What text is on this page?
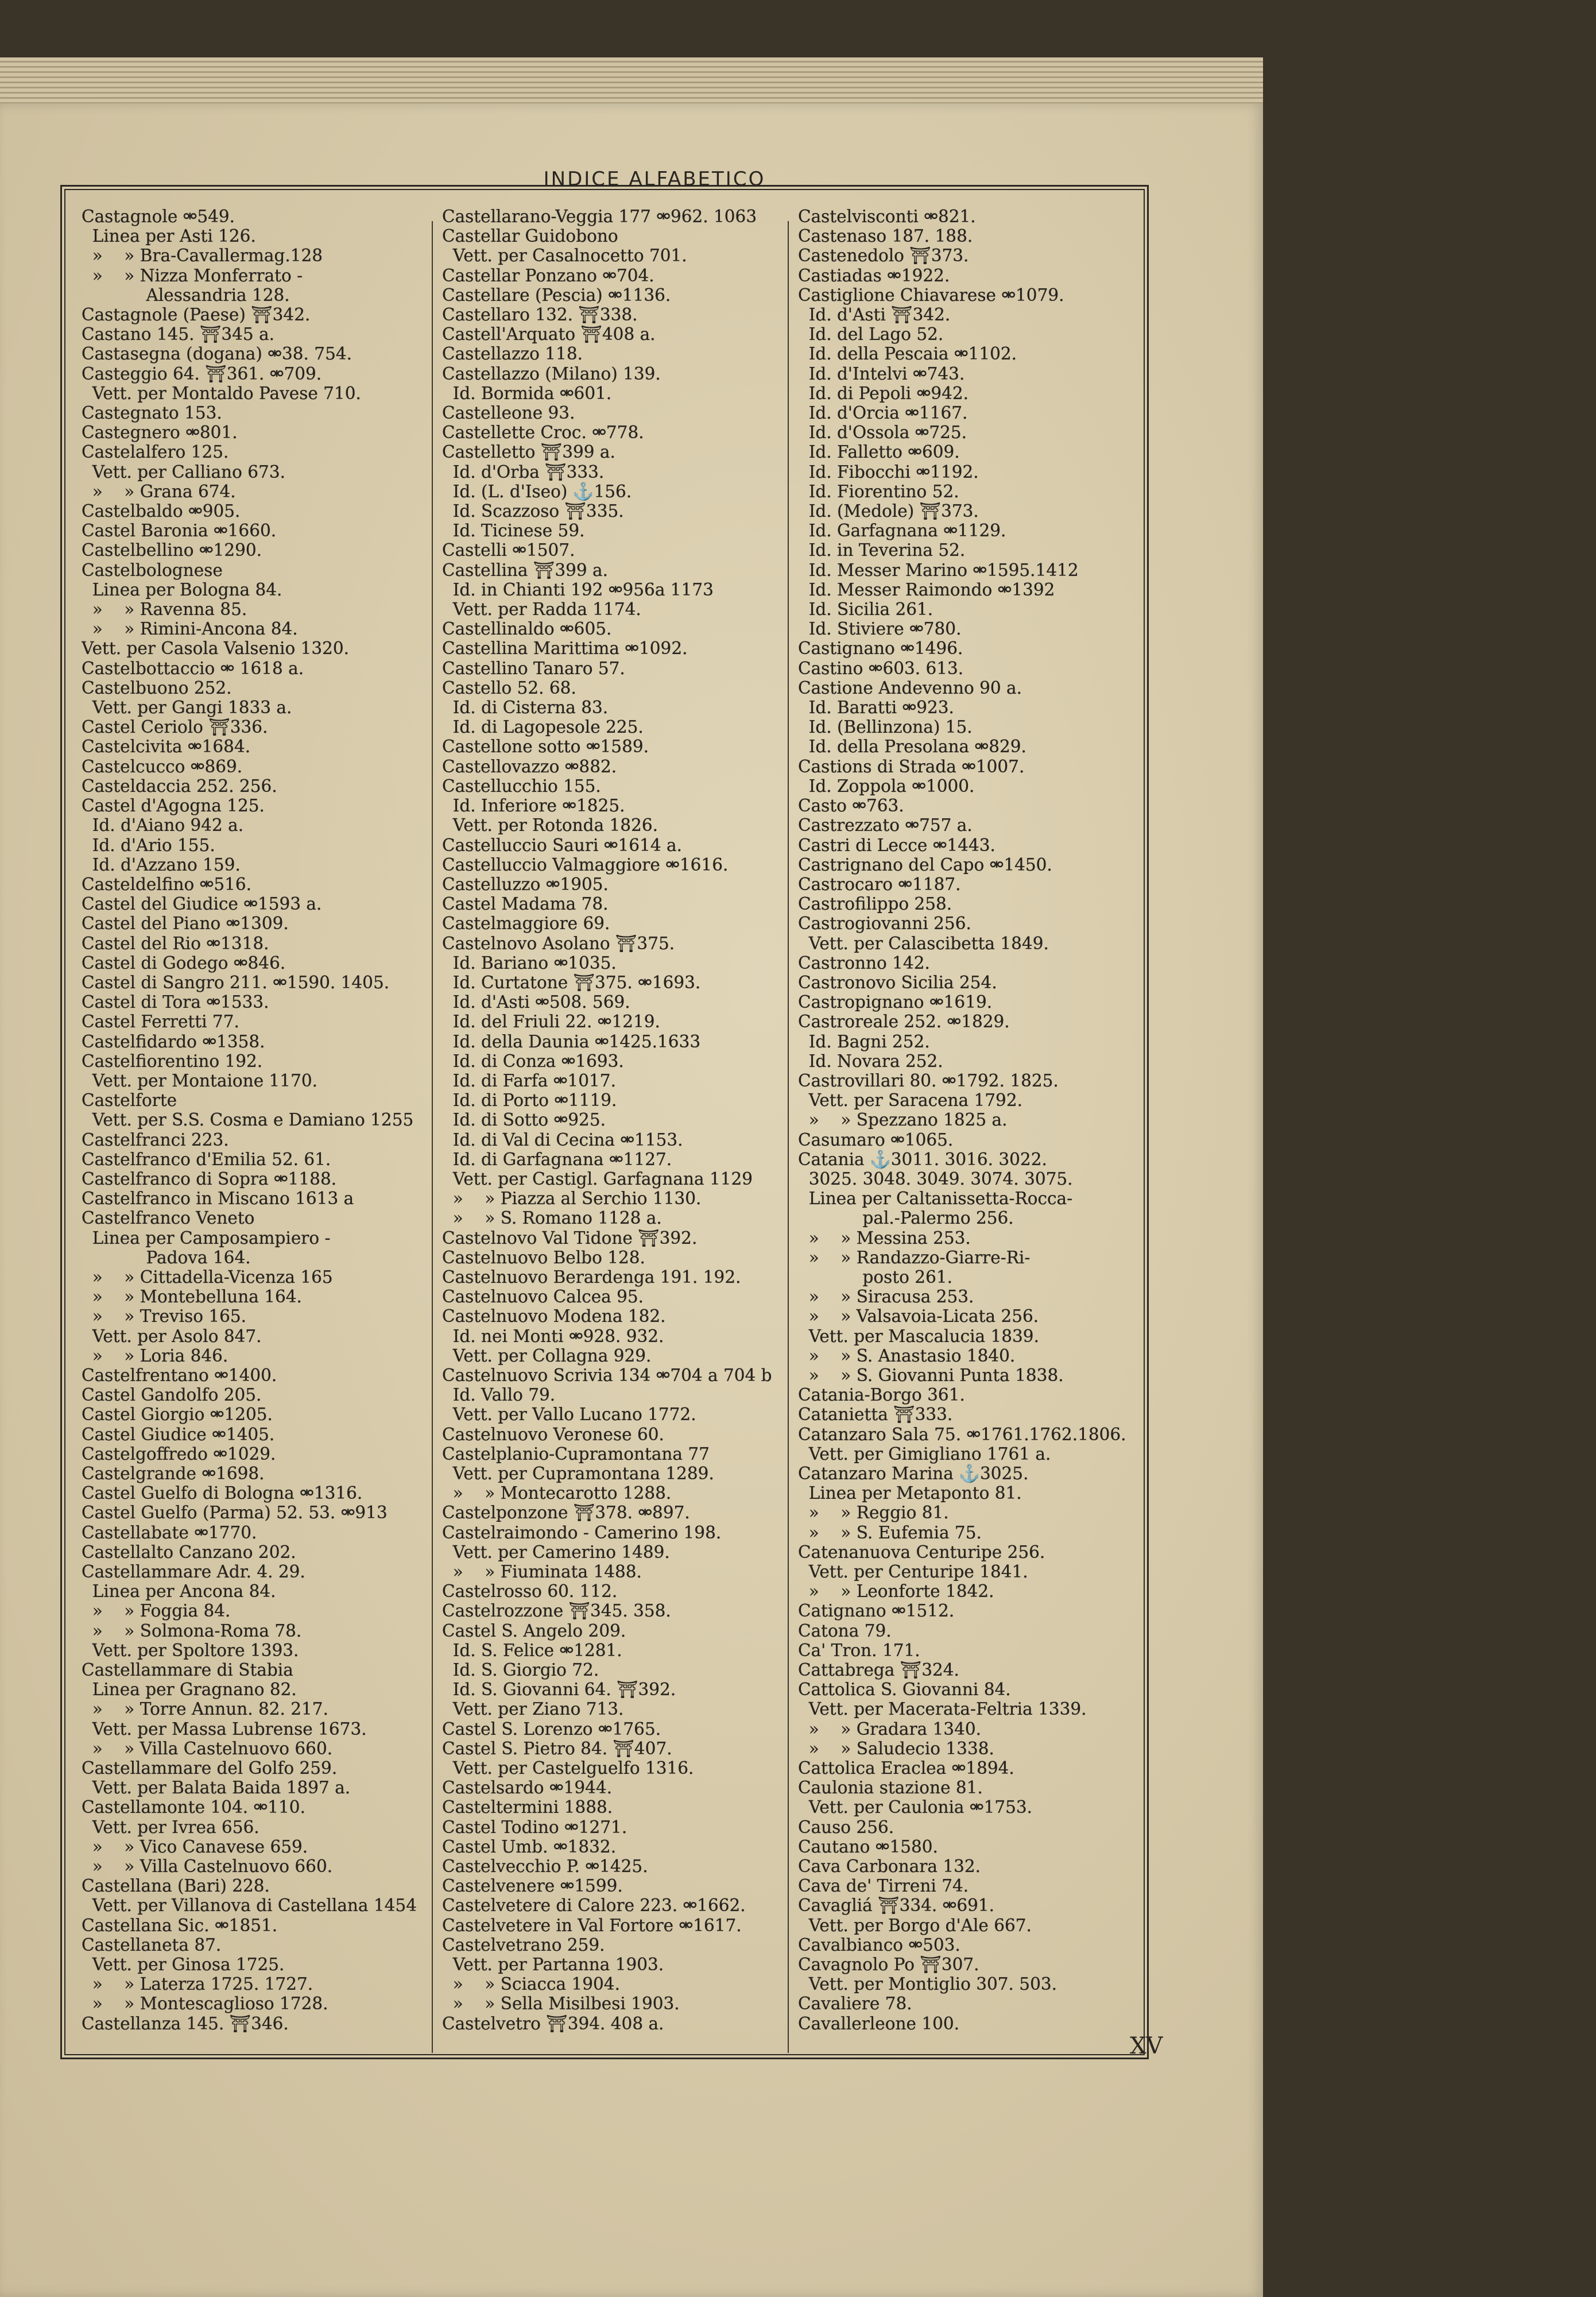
INDICE ALFABETICO
Castagnole ⚮549.
Linea per Asti 126.
»    » Bra-Cavallermag.128
»    » Nizza Monferrato -
Alessandria 128.
Castagnole (Paese) ⛩342.
Castano 145. ⛩345 a.
Castasegna (dogana) ⚮38. 754.
Casteggio 64. ⛩361. ⚮709.
Vett. per Montaldo Pavese 710.
Castegnato 153.
Castegnero ⚮801.
Castelalfero 125.
Vett. per Calliano 673.
»    » Grana 674.
Castelbaldo ⚮905.
Castel Baronia ⚮1660.
Castelbellino ⚮1290.
Castelbolognese
Linea per Bologna 84.
»    » Ravenna 85.
»    » Rimini-Ancona 84.
Vett. per Casola Valsenio 1320.
Castelbottaccio ⚮ 1618 a.
Castelbuono 252.
Vett. per Gangi 1833 a.
Castel Ceriolo ⛩336.
Castelcivita ⚮1684.
Castelcucco ⚮869.
Casteldaccia 252. 256.
Castel d'Agogna 125.
Id. d'Aiano 942 a.
Id. d'Ario 155.
Id. d'Azzano 159.
Casteldelfino ⚮516.
Castel del Giudice ⚮1593 a.
Castel del Piano ⚮1309.
Castel del Rio ⚮1318.
Castel di Godego ⚮846.
Castel di Sangro 211. ⚮1590. 1405.
Castel di Tora ⚮1533.
Castel Ferretti 77.
Castelfidardo ⚮1358.
Castelfiorentino 192.
Vett. per Montaione 1170.
Castelforte
Vett. per S.S. Cosma e Damiano 1255
Castelfranci 223.
Castelfranco d'Emilia 52. 61.
Castelfranco di Sopra ⚮1188.
Castelfranco in Miscano 1613 a
Castelfranco Veneto
Linea per Camposampiero -
Padova 164.
»    » Cittadella-Vicenza 165
»    » Montebelluna 164.
»    » Treviso 165.
Vett. per Asolo 847.
»    » Loria 846.
Castelfrentano ⚮1400.
Castel Gandolfo 205.
Castel Giorgio ⚮1205.
Castel Giudice ⚮1405.
Castelgoffredo ⚮1029.
Castelgrande ⚮1698.
Castel Guelfo di Bologna ⚮1316.
Castel Guelfo (Parma) 52. 53. ⚮913
Castellabate ⚮1770.
Castellalto Canzano 202.
Castellammare Adr. 4. 29.
Linea per Ancona 84.
»    » Foggia 84.
»    » Solmona-Roma 78.
Vett. per Spoltore 1393.
Castellammare di Stabia
Linea per Gragnano 82.
»    » Torre Annun. 82. 217.
Vett. per Massa Lubrense 1673.
»    » Villa Castelnuovo 660.
Castellammare del Golfo 259.
Vett. per Balata Baida 1897 a.
Castellamonte 104. ⚮110.
Vett. per Ivrea 656.
»    » Vico Canavese 659.
»    » Villa Castelnuovo 660.
Castellana (Bari) 228.
Vett. per Villanova di Castellana 1454
Castellana Sic. ⚮1851.
Castellaneta 87.
Vett. per Ginosa 1725.
»    » Laterza 1725. 1727.
»    » Montescaglioso 1728.
Castellanza 145. ⛩346.
Castellarano-Veggia 177 ⚮962. 1063
Castellar Guidobono
Vett. per Casalnocetto 701.
Castellar Ponzano ⚮704.
Castellare (Pescia) ⚮1136.
Castellaro 132. ⛩338.
Castell'Arquato ⛩408 a.
Castellazzo 118.
Castellazzo (Milano) 139.
Id. Bormida ⚮601.
Castelleone 93.
Castellette Croc. ⚮778.
Castelletto ⛩399 a.
Id. d'Orba ⛩333.
Id. (L. d'Iseo) ⚓156.
Id. Scazzoso ⛩335.
Id. Ticinese 59.
Castelli ⚮1507.
Castellina ⛩399 a.
Id. in Chianti 192 ⚮956a 1173
Vett. per Radda 1174.
Castellinaldo ⚮605.
Castellina Marittima ⚮1092.
Castellino Tanaro 57.
Castello 52. 68.
Id. di Cisterna 83.
Id. di Lagopesole 225.
Castellone sotto ⚮1589.
Castellovazzo ⚮882.
Castellucchio 155.
Id. Inferiore ⚮1825.
Vett. per Rotonda 1826.
Castelluccio Sauri ⚮1614 a.
Castelluccio Valmaggiore ⚮1616.
Castelluzzo ⚮1905.
Castel Madama 78.
Castelmaggiore 69.
Castelnovo Asolano ⛩375.
Id. Bariano ⚮1035.
Id. Curtatone ⛩375. ⚮1693.
Id. d'Asti ⚮508. 569.
Id. del Friuli 22. ⚮1219.
Id. della Daunia ⚮1425.1633
Id. di Conza ⚮1693.
Id. di Farfa ⚮1017.
Id. di Porto ⚮1119.
Id. di Sotto ⚮925.
Id. di Val di Cecina ⚮1153.
Id. di Garfagnana ⚮1127.
Vett. per Castigl. Garfagnana 1129
»    » Piazza al Serchio 1130.
»    » S. Romano 1128 a.
Castelnovo Val Tidone ⛩392.
Castelnuovo Belbo 128.
Castelnuovo Berardenga 191. 192.
Castelnuovo Calcea 95.
Castelnuovo Modena 182.
Id. nei Monti ⚮928. 932.
Vett. per Collagna 929.
Castelnuovo Scrivia 134 ⚮704 a 704 b
Id. Vallo 79.
Vett. per Vallo Lucano 1772.
Castelnuovo Veronese 60.
Castelplanio-Cupramontana 77
Vett. per Cupramontana 1289.
»    » Montecarotto 1288.
Castelponzone ⛩378. ⚮897.
Castelraimondo - Camerino 198.
Vett. per Camerino 1489.
»    » Fiuminata 1488.
Castelrosso 60. 112.
Castelrozzone ⛩345. 358.
Castel S. Angelo 209.
Id. S. Felice ⚮1281.
Id. S. Giorgio 72.
Id. S. Giovanni 64. ⛩392.
Vett. per Ziano 713.
Castel S. Lorenzo ⚮1765.
Castel S. Pietro 84. ⛩407.
Vett. per Castelguelfo 1316.
Castelsardo ⚮1944.
Casteltermini 1888.
Castel Todino ⚮1271.
Castel Umb. ⚮1832.
Castelvecchio P. ⚮1425.
Castelvenere ⚮1599.
Castelvetere di Calore 223. ⚮1662.
Castelvetere in Val Fortore ⚮1617.
Castelvetrano 259.
Vett. per Partanna 1903.
»    » Sciacca 1904.
»    » Sella Misilbesi 1903.
Castelvetro ⛩394. 408 a.
Castelvisconti ⚮821.
Castenaso 187. 188.
Castenedolo ⛩373.
Castiadas ⚮1922.
Castiglione Chiavarese ⚮1079.
Id. d'Asti ⛩342.
Id. del Lago 52.
Id. della Pescaia ⚮1102.
Id. d'Intelvi ⚮743.
Id. di Pepoli ⚮942.
Id. d'Orcia ⚮1167.
Id. d'Ossola ⚮725.
Id. Falletto ⚮609.
Id. Fibocchi ⚮1192.
Id. Fiorentino 52.
Id. (Medole) ⛩373.
Id. Garfagnana ⚮1129.
Id. in Teverina 52.
Id. Messer Marino ⚮1595.1412
Id. Messer Raimondo ⚮1392
Id. Sicilia 261.
Id. Stiviere ⚮780.
Castignano ⚮1496.
Castino ⚮603. 613.
Castione Andevenno 90 a.
Id. Baratti ⚮923.
Id. (Bellinzona) 15.
Id. della Presolana ⚮829.
Castions di Strada ⚮1007.
Id. Zoppola ⚮1000.
Casto ⚮763.
Castrezzato ⚮757 a.
Castri di Lecce ⚮1443.
Castrignano del Capo ⚮1450.
Castrocaro ⚮1187.
Castrofilippo 258.
Castrogiovanni 256.
Vett. per Calascibetta 1849.
Castronno 142.
Castronovo Sicilia 254.
Castropignano ⚮1619.
Castroreale 252. ⚮1829.
Id. Bagni 252.
Id. Novara 252.
Castrovillari 80. ⚮1792. 1825.
Vett. per Saracena 1792.
»    » Spezzano 1825 a.
Casumaro ⚮1065.
Catania ⚓3011. 3016. 3022.
3025. 3048. 3049. 3074. 3075.
Linea per Caltanissetta-Rocca-
pal.-Palermo 256.
»    » Messina 253.
»    » Randazzo-Giarre-Ri-
posto 261.
»    » Siracusa 253.
»    » Valsavoia-Licata 256.
Vett. per Mascalucia 1839.
»    » S. Anastasio 1840.
»    » S. Giovanni Punta 1838.
Catania-Borgo 361.
Catanietta ⛩333.
Catanzaro Sala 75. ⚮1761.1762.1806.
Vett. per Gimigliano 1761 a.
Catanzaro Marina ⚓3025.
Linea per Metaponto 81.
»    » Reggio 81.
»    » S. Eufemia 75.
Catenanuova Centuripe 256.
Vett. per Centuripe 1841.
»    » Leonforte 1842.
Catignano ⚮1512.
Catona 79.
Ca' Tron. 171.
Cattabrega ⛩324.
Cattolica S. Giovanni 84.
Vett. per Macerata-Feltria 1339.
»    » Gradara 1340.
»    » Saludecio 1338.
Cattolica Eraclea ⚮1894.
Caulonia stazione 81.
Vett. per Caulonia ⚮1753.
Causo 256.
Cautano ⚮1580.
Cava Carbonara 132.
Cava de' Tirreni 74.
Cavagliá ⛩334. ⚮691.
Vett. per Borgo d'Ale 667.
Cavalbianco ⚮503.
Cavagnolo Po ⛩307.
Vett. per Montiglio 307. 503.
Cavaliere 78.
Cavallerleone 100.
XV
